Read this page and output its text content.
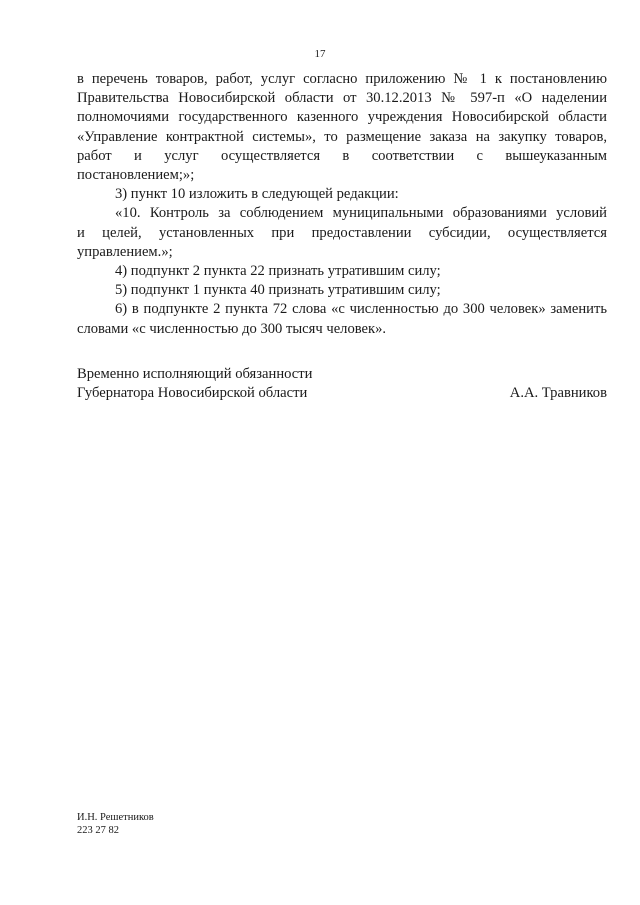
17

в перечень товаров, работ, услуг согласно приложению № 1 к постановлению

Правительства Новосибирской области от 30.12.2013 № 597-п «О наделении

полномочиями государственного казенного учреждения Новосибирской области

«Управление контрактной системы», то размещение заказа на закупку товаров,

работ и услуг осуществляется в соответствии с вышеуказанным

постановлением;»;

3) пункт 10 изложить в следующей редакции:

«10. Контроль за соблюдением муниципальными образованиями условий

и целей, установленных при предоставлении субсидии, осуществляется

управлением.»;

4) подпункт 2 пункта 22 признать утратившим силу;

5) подпункт 1 пункта 40 признать утратившим силу;

6) в подпункте 2 пункта 72 слова «с численностью до 300 человек» заменить

словами «с численностью до 300 тысяч человек».

Временно исполняющий обязанности
Губернатора Новосибирской области	А.А. Травников
И.Н. Решетников
223 27 82
